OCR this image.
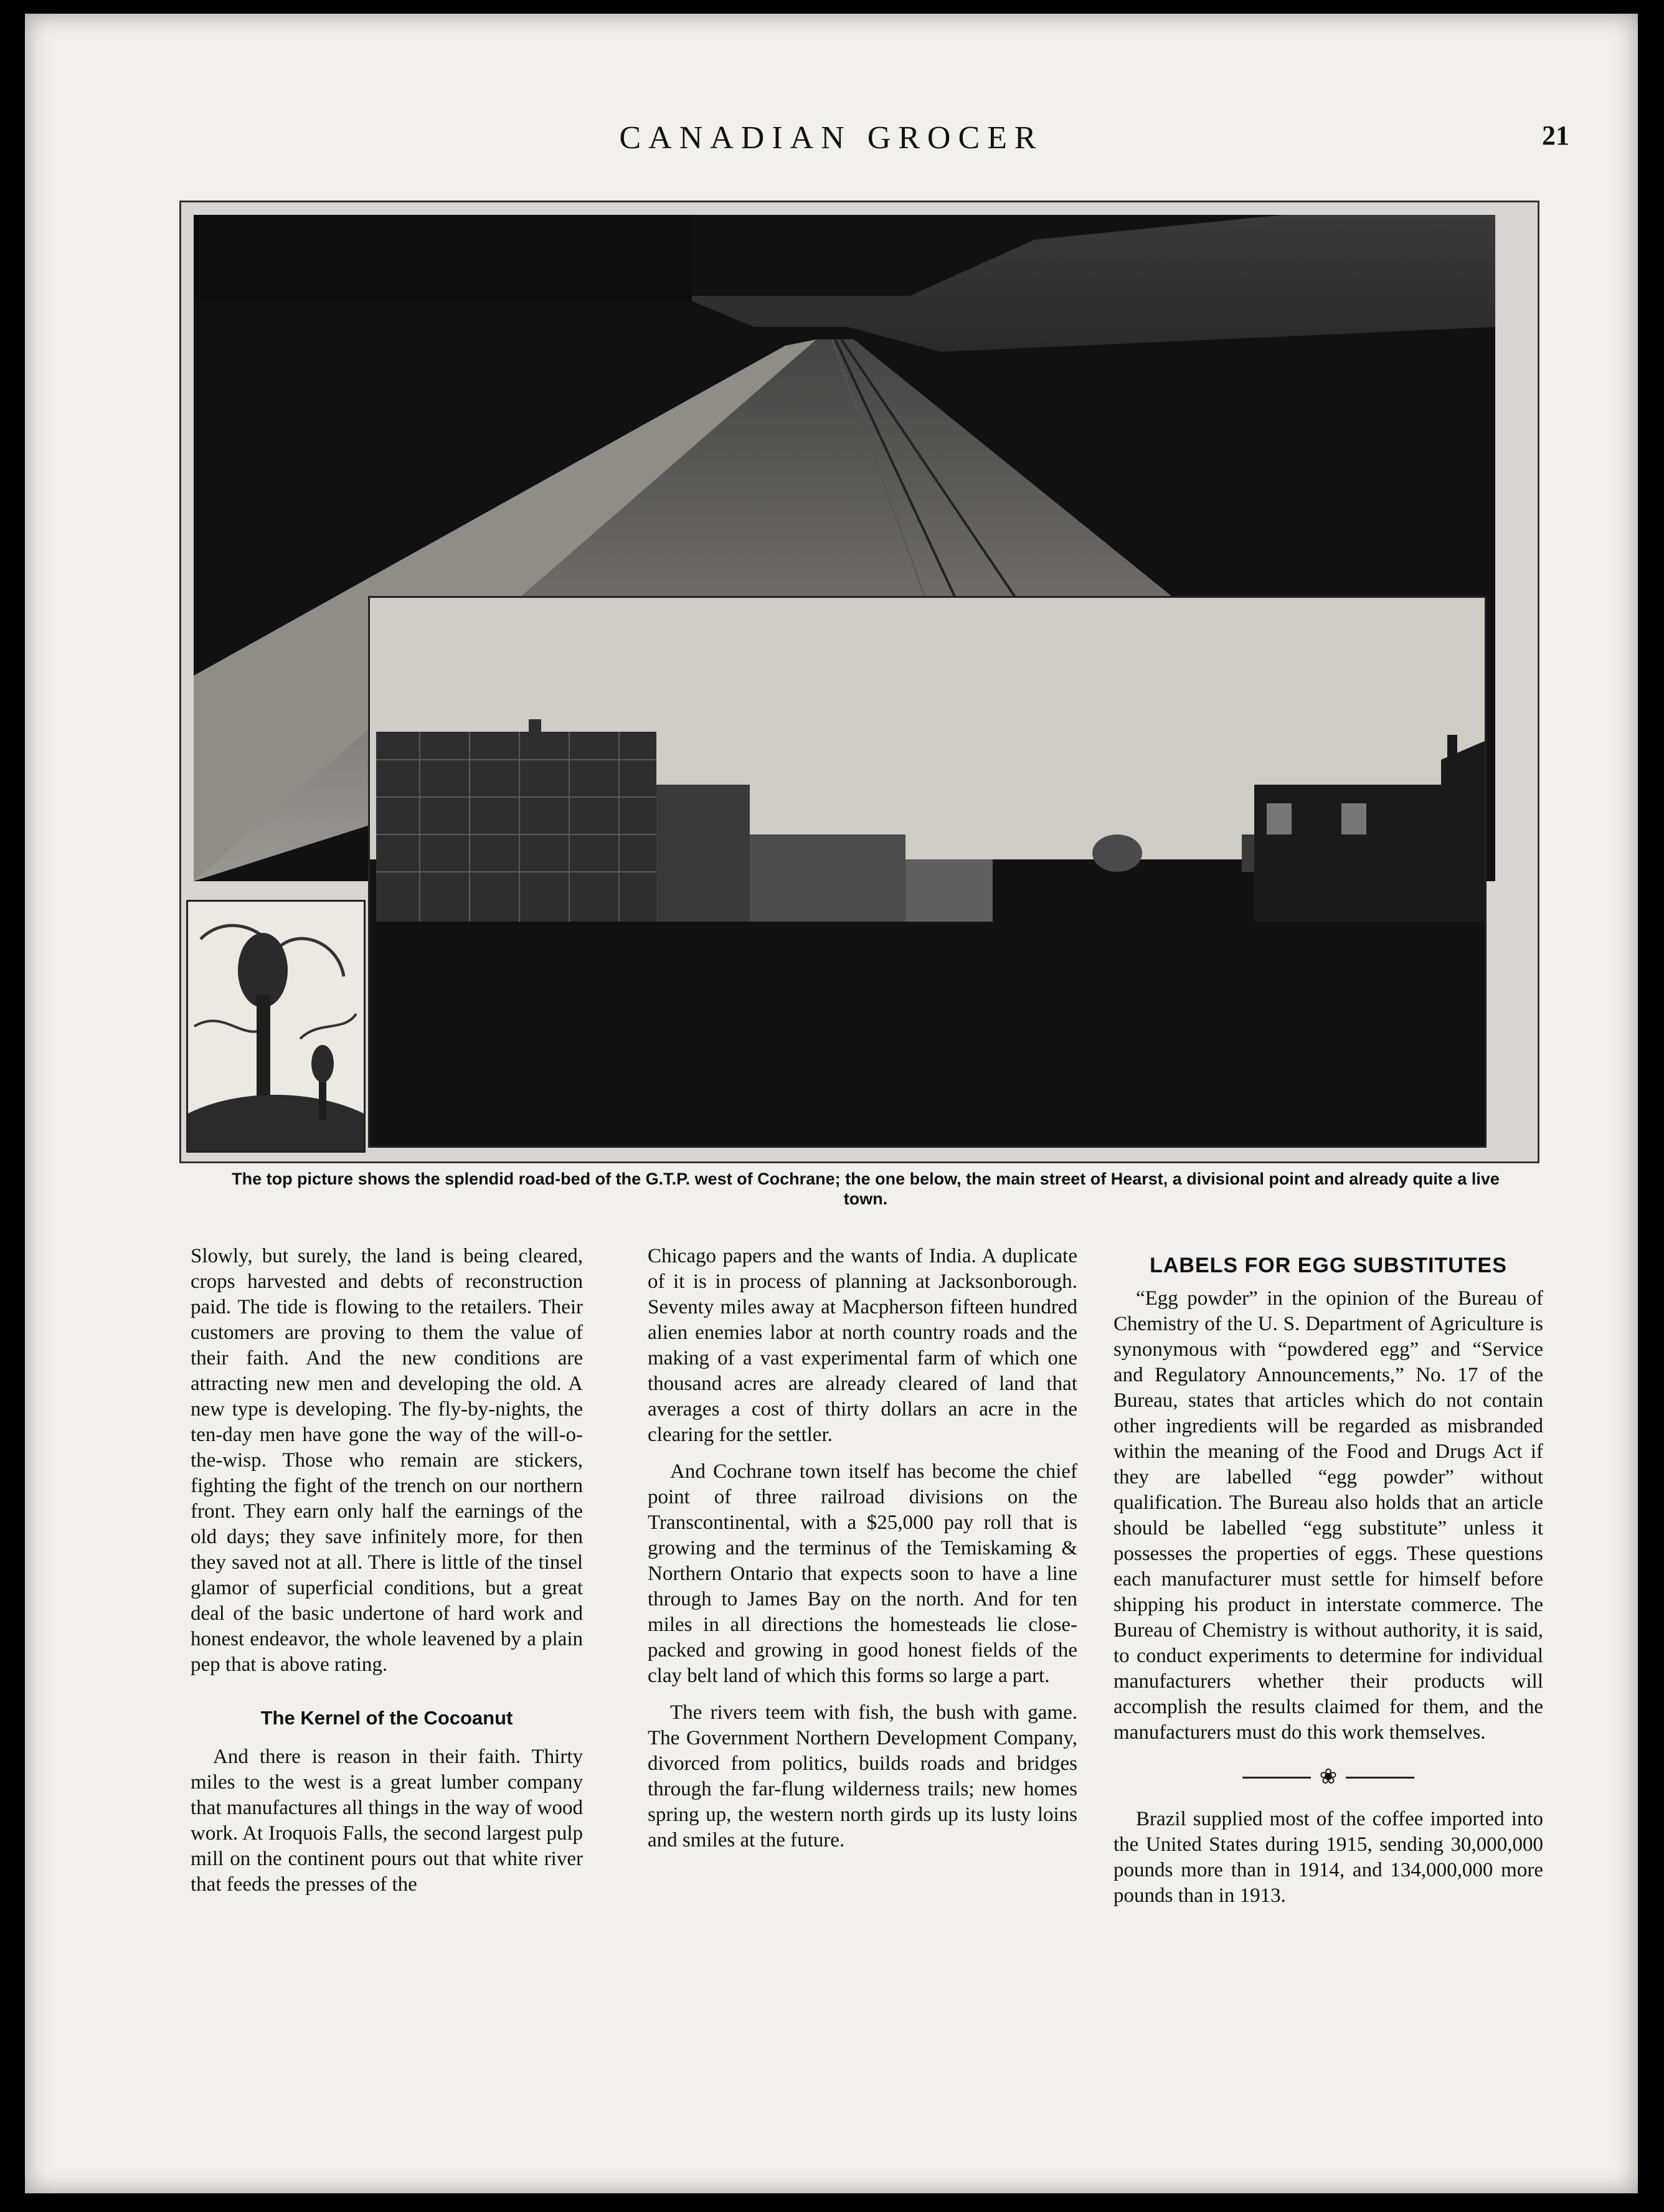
CANADIAN GROCER	21
The top picture shows the splendid road-bed of the G.T.P. west of Cochrane; the one below, the main street of Hearst, a divisional point and already quite a live town.

Slowly, but surely, the land is being cleared, crops harvested and debts of reconstruction paid. The tide is flowing to the retailers. Their customers are proving to them the value of their faith. And the new conditions are attracting new men and developing the old. A new type is developing. The fly-by-nights, the ten-day men have gone the way of the will-o-the-wisp. Those who remain are stickers, fighting the fight of the trench on our northern front. They earn only half the earnings of the old days; they save infinitely more, for then they saved not at all. There is little of the tinsel glamor of superficial conditions, but a great deal of the basic undertone of hard work and honest endeavor, the whole leavened by a plain pep that is above rating.

The Kernel of the Cocoanut

And there is reason in their faith. Thirty miles to the west is a great lumber company that manufactures all things in the way of wood work. At Iroquois Falls, the second largest pulp mill on the continent pours out that white river that feeds the presses of the

Chicago papers and the wants of India. A duplicate of it is in process of planning at Jacksonborough. Seventy miles away at Macpherson fifteen hundred alien enemies labor at north country roads and the making of a vast experimental farm of which one thousand acres are already cleared of land that averages a cost of thirty dollars an acre in the clearing for the settler.

And Cochrane town itself has become the chief point of three railroad divisions on the Transcontinental, with a $25,000 pay roll that is growing and the terminus of the Temiskaming & Northern Ontario that expects soon to have a line through to James Bay on the north. And for ten miles in all directions the homesteads lie close-packed and growing in good honest fields of the clay belt land of which this forms so large a part.

The rivers teem with fish, the bush with game. The Government Northern Development Company, divorced from politics, builds roads and bridges through the far-flung wilderness trails; new homes spring up, the western north girds up its lusty loins and smiles at the future.

LABELS FOR EGG SUBSTITUTES

“Egg powder” in the opinion of the Bureau of Chemistry of the U. S. Department of Agriculture is synonymous with “powdered egg” and “Service and Regulatory Announcements,” No. 17 of the Bureau, states that articles which do not contain other ingredients will be regarded as misbranded within the meaning of the Food and Drugs Act if they are labelled “egg powder” without qualification. The Bureau also holds that an article should be labelled “egg substitute” unless it possesses the properties of eggs. These questions each manufacturer must settle for himself before shipping his product in interstate commerce. The Bureau of Chemistry is without authority, it is said, to conduct experiments to determine for individual manufacturers whether their products will accomplish the results claimed for them, and the manufacturers must do this work themselves.

❀

Brazil supplied most of the coffee imported into the United States during 1915, sending 30,000,000 pounds more than in 1914, and 134,000,000 more pounds than in 1913.
